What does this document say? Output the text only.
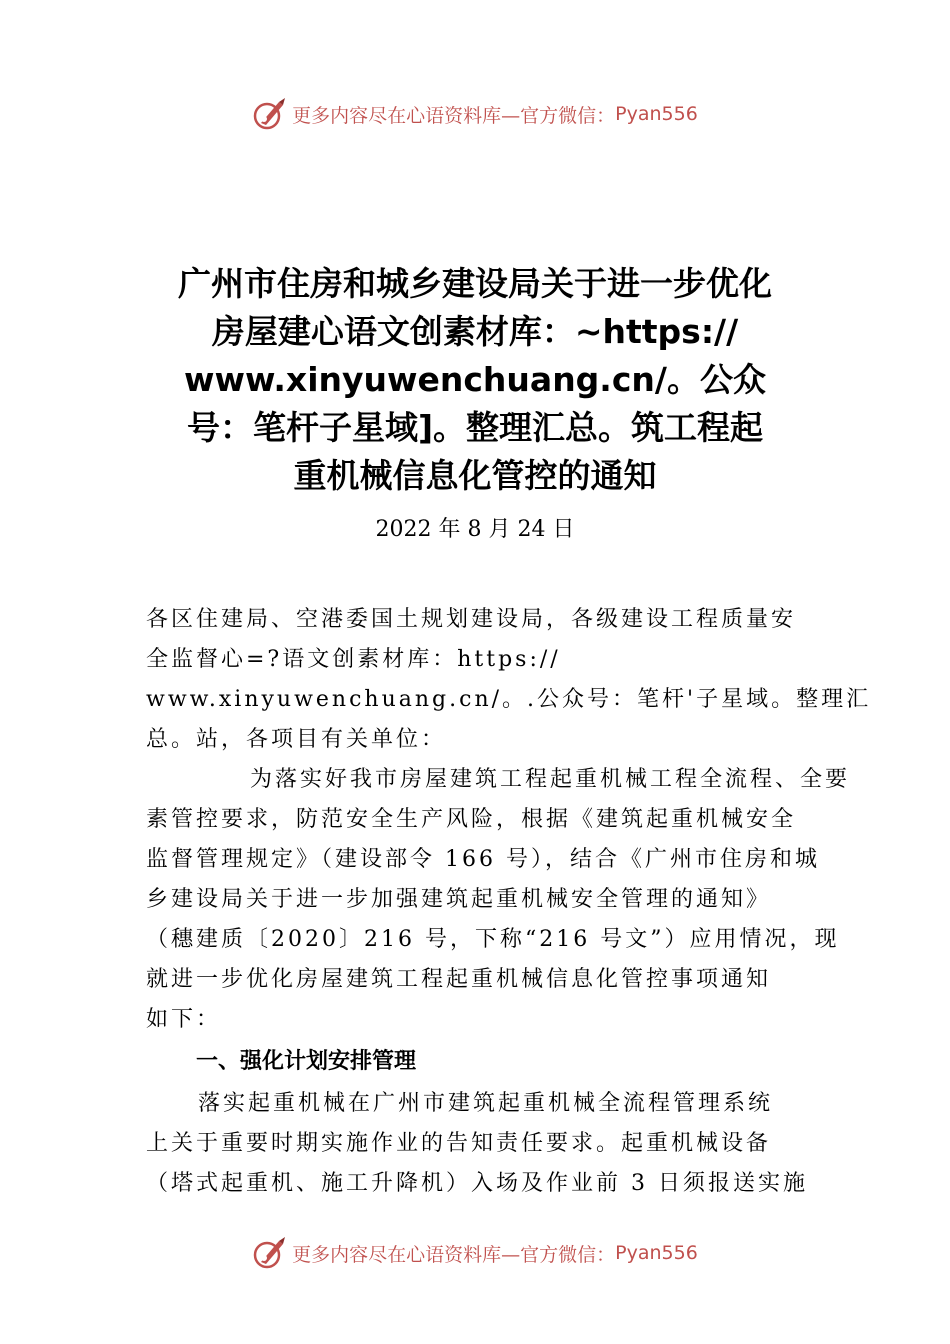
更多内容尽在心语资料库—官方微信： Pyan556
广州市住房和城乡建设局关于进一步优化
房屋建心语文创素材库：~https://
www.xinyuwenchuang.cn/。公众
号：笔杆子星域]。整理汇总。筑工程起
重机械信息化管控的通知
2022 年 8 月 24 日

各区住建局、空港委国土规划建设局，各级建设工程质量安
全监督心=?语文创素材库：https://
www.xinyuwenchuang.cn/。.公众号：笔杆'子星域。整理汇
总。站，各项目有关单位：

为落实好我市房屋建筑工程起重机械工程全流程、全要
素管控要求，防范安全生产风险，根据《建筑起重机械安全
监督管理规定》（建设部令 166 号），结合《广州市住房和城
乡建设局关于进一步加强建筑起重机械安全管理的通知》
（穗建质〔2020〕216 号，下称“216 号文”）应用情况，现
就进一步优化房屋建筑工程起重机械信息化管控事项通知
如下：

一、强化计划安排管理

落实起重机械在广州市建筑起重机械全流程管理系统
上关于重要时期实施作业的告知责任要求。起重机械设备
（塔式起重机、施工升降机）入场及作业前 3 日须报送实施

更多内容尽在心语资料库—官方微信： Pyan556
